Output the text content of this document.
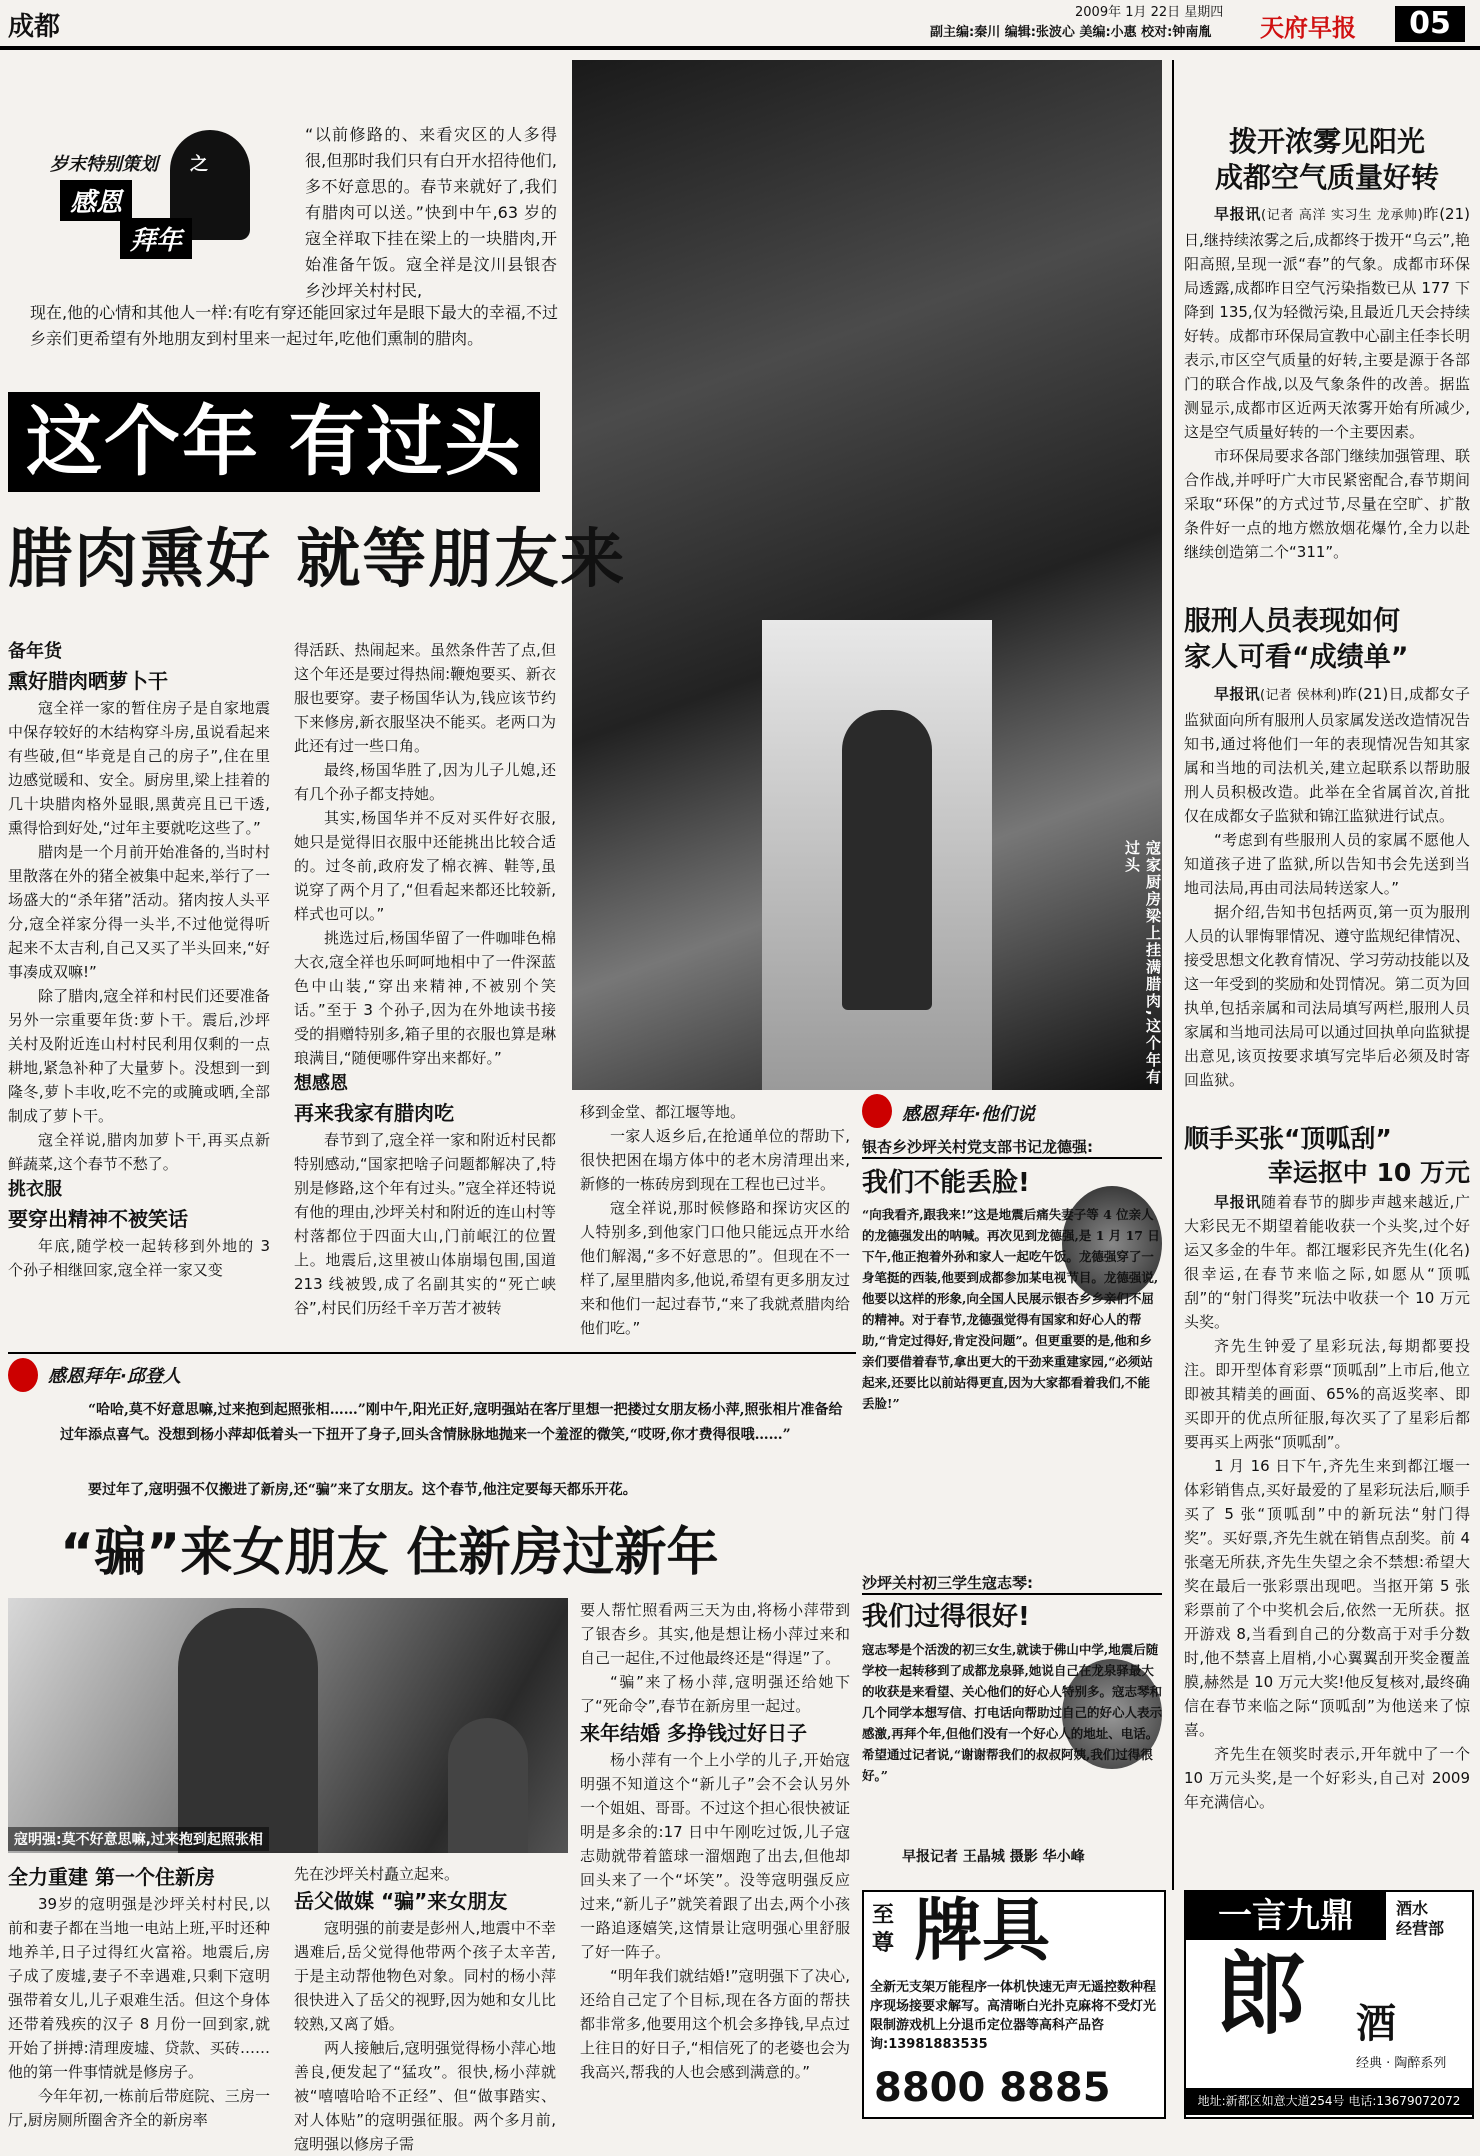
成都	2009年 1月 22日 星期四
副主编:秦川 编辑:张波心 美编:小惠 校对:钟南胤 天府早报	05
岁末特别策划 之
感恩
拜年
“以前修路的、来看灾区的人多得很,但那时我们只有白开水招待他们,多不好意思的。春节来就好了,我们有腊肉可以送。”快到中午,63 岁的寇全祥取下挂在梁上的一块腊肉,开始准备午饭。寇全祥是汶川县银杏乡沙坪关村村民,
现在,他的心情和其他人一样:有吃有穿还能回家过年是眼下最大的幸福,不过乡亲们更希望有外地朋友到村里来一起过年,吃他们熏制的腊肉。
寇家厨房梁上挂满腊肉,这个年有过头
这个年 有过头
腊肉熏好 就等朋友来
备年货
熏好腊肉晒萝卜干
寇全祥一家的暂住房子是自家地震中保存较好的木结构穿斗房,虽说看起来有些破,但“毕竟是自己的房子”,住在里边感觉暖和、安全。厨房里,梁上挂着的几十块腊肉格外显眼,黑黄亮且已干透,熏得恰到好处,“过年主要就吃这些了。”
腊肉是一个月前开始准备的,当时村里散落在外的猪全被集中起来,举行了一场盛大的“杀年猪”活动。猪肉按人头平分,寇全祥家分得一头半,不过他觉得听起来不太吉利,自己又买了半头回来,“好事凑成双嘛!”
除了腊肉,寇全祥和村民们还要准备另外一宗重要年货:萝卜干。震后,沙坪关村及附近连山村村民利用仅剩的一点耕地,紧急补种了大量萝卜。没想到一到隆冬,萝卜丰收,吃不完的或腌或晒,全部制成了萝卜干。
寇全祥说,腊肉加萝卜干,再买点新鲜蔬菜,这个春节不愁了。
挑衣服
要穿出精神不被笑话
年底,随学校一起转移到外地的 3 个孙子相继回家,寇全祥一家又变
得活跃、热闹起来。虽然条件苦了点,但这个年还是要过得热闹:鞭炮要买、新衣服也要穿。妻子杨国华认为,钱应该节约下来修房,新衣服坚决不能买。老两口为此还有过一些口角。
最终,杨国华胜了,因为儿子儿媳,还有几个孙子都支持她。
其实,杨国华并不反对买件好衣服,她只是觉得旧衣服中还能挑出比较合适的。过冬前,政府发了棉衣裤、鞋等,虽说穿了两个月了,“但看起来都还比较新,样式也可以。”
挑选过后,杨国华留了一件咖啡色棉大衣,寇全祥也乐呵呵地相中了一件深蓝色中山装,“穿出来精神,不被别个笑话。”至于 3 个孙子,因为在外地读书接受的捐赠特别多,箱子里的衣服也算是琳琅满目,“随便哪件穿出来都好。”
想感恩
再来我家有腊肉吃
春节到了,寇全祥一家和附近村民都特别感动,“国家把啥子问题都解决了,特别是修路,这个年有过头。”寇全祥还特说有他的理由,沙坪关村和附近的连山村等村落都位于四面大山,门前岷江的位置上。地震后,这里被山体崩塌包围,国道 213 线被毁,成了名副其实的“死亡峡谷”,村民们历经千辛万苦才被转
移到金堂、都江堰等地。
一家人返乡后,在抢通单位的帮助下,很快把困在塌方体中的老木房清理出来,新修的一栋砖房到现在工程也已过半。
寇全祥说,那时候修路和探访灾区的人特别多,到他家门口他只能远点开水给他们解渴,“多不好意思的”。但现在不一样了,屋里腊肉多,他说,希望有更多朋友过来和他们一起过春节,“来了我就煮腊肉给他们吃。”
感恩拜年·他们说
银杏乡沙坪关村党支部书记龙德强:
我们不能丢脸!
“向我看齐,跟我来!”这是地震后痛失妻子等 4 位亲人的龙德强发出的呐喊。再次见到龙德强,是 1 月 17 日下午,他正抱着外孙和家人一起吃午饭。龙德强穿了一身笔挺的西装,他要到成都参加某电视节目。龙德强说,他要以这样的形象,向全国人民展示银杏乡乡亲们不屈的精神。对于春节,龙德强觉得有国家和好心人的帮助,“肯定过得好,肯定没问题”。但更重要的是,他和乡亲们要借着春节,拿出更大的干劲来重建家园,“必须站起来,还要比以前站得更直,因为大家都看着我们,不能丢脸!”
沙坪关村初三学生寇志琴:
我们过得很好!
寇志琴是个活泼的初三女生,就读于佛山中学,地震后随学校一起转移到了成都龙泉驿,她说自己在龙泉驿最大的收获是来看望、关心他们的好心人特别多。寇志琴和几个同学本想写信、打电话向帮助过自己的好心人表示感激,再拜个年,但他们没有一个好心人的地址、电话。希望通过记者说,“谢谢帮我们的叔叔阿姨,我们过得很好。”
早报记者 王晶城 摄影 华小峰
感恩拜年·邱登人
“哈哈,莫不好意思嘛,过来抱到起照张相……”刚中午,阳光正好,寇明强站在客厅里想一把搂过女朋友杨小萍,照张相片准备给过年添点喜气。没想到杨小萍却低着头一下扭开了身子,回头含情脉脉地抛来一个羞涩的微笑,“哎呀,你才费得很哦……”
要过年了,寇明强不仅搬进了新房,还“骗”来了女朋友。这个春节,他注定要每天都乐开花。
“骗”来女朋友 住新房过新年
寇明强:莫不好意思嘛,过来抱到起照张相
全力重建 第一个住新房
39岁的寇明强是沙坪关村村民,以前和妻子都在当地一电站上班,平时还种地养羊,日子过得红火富裕。地震后,房子成了废墟,妻子不幸遇难,只剩下寇明强带着女儿,儿子艰难生活。但这个身体还带着残疾的汉子 8 月份一回到家,就开始了拼搏:清理废墟、贷款、买砖……他的第一件事情就是修房子。
今年年初,一栋前后带庭院、三房一厅,厨房厕所圈舍齐全的新房率
先在沙坪关村矗立起来。
岳父做媒 “骗”来女朋友
寇明强的前妻是彭州人,地震中不幸遇难后,岳父觉得他带两个孩子太辛苦,于是主动帮他物色对象。同村的杨小萍很快进入了岳父的视野,因为她和女儿比较熟,又离了婚。
两人接触后,寇明强觉得杨小萍心地善良,便发起了“猛攻”。很快,杨小萍就被“嘻嘻哈哈不正经”、但“做事踏实、对人体贴”的寇明强征服。两个多月前,寇明强以修房子需
要人帮忙照看两三天为由,将杨小萍带到了银杏乡。其实,他是想让杨小萍过来和自己一起住,不过他最终还是“得逞”了。
“骗”来了杨小萍,寇明强还给她下了“死命令”,春节在新房里一起过。
来年结婚 多挣钱过好日子
杨小萍有一个上小学的儿子,开始寇明强不知道这个“新儿子”会不会认另外一个姐姐、哥哥。不过这个担心很快被证明是多余的:17 日中午刚吃过饭,儿子寇志勋就带着篮球一溜烟跑了出去,但他却回头来了一个“坏笑”。没等寇明强反应过来,“新儿子”就笑着跟了出去,两个小孩一路追逐嬉笑,这情景让寇明强心里舒服了好一阵子。
“明年我们就结婚!”寇明强下了决心,还给自己定了个目标,现在各方面的帮扶都非常多,他要用这个机会多挣钱,早点过上往日的好日子,“相信死了的老婆也会为我高兴,帮我的人也会感到满意的。”
拨开浓雾见阳光
成都空气质量好转
早报讯(记者 高洋 实习生 龙承帅)昨(21)日,继持续浓雾之后,成都终于拨开“乌云”,艳阳高照,呈现一派“春”的气象。成都市环保局透露,成都昨日空气污染指数已从 177 下降到 135,仅为轻微污染,且最近几天会持续好转。成都市环保局宣教中心副主任李长明表示,市区空气质量的好转,主要是源于各部门的联合作战,以及气象条件的改善。据监测显示,成都市区近两天浓雾开始有所减少,这是空气质量好转的一个主要因素。
市环保局要求各部门继续加强管理、联合作战,并呼吁广大市民紧密配合,春节期间采取“环保”的方式过节,尽量在空旷、扩散条件好一点的地方燃放烟花爆竹,全力以赴继续创造第二个“311”。
服刑人员表现如何
家人可看“成绩单”
早报讯(记者 侯林利)昨(21)日,成都女子监狱面向所有服刑人员家属发送改造情况告知书,通过将他们一年的表现情况告知其家属和当地的司法机关,建立起联系以帮助服刑人员积极改造。此举在全省属首次,首批仅在成都女子监狱和锦江监狱进行试点。
“考虑到有些服刑人员的家属不愿他人知道孩子进了监狱,所以告知书会先送到当地司法局,再由司法局转送家人。”
据介绍,告知书包括两页,第一页为服刑人员的认罪悔罪情况、遵守监规纪律情况、接受思想文化教育情况、学习劳动技能以及这一年受到的奖励和处罚情况。第二页为回执单,包括亲属和司法局填写两栏,服刑人员家属和当地司法局可以通过回执单向监狱提出意见,该页按要求填写完毕后必须及时寄回监狱。
顺手买张“顶呱刮”
幸运抠中 10 万元
早报讯随着春节的脚步声越来越近,广大彩民无不期望着能收获一个头奖,过个好运又多金的牛年。都江堰彩民齐先生(化名)很幸运,在春节来临之际,如愿从“顶呱刮”的“射门得奖”玩法中收获一个 10 万元头奖。
齐先生钟爱了星彩玩法,每期都要投注。即开型体育彩票“顶呱刮”上市后,他立即被其精美的画面、65%的高返奖率、即买即开的优点所征服,每次买了了星彩后都要再买上两张“顶呱刮”。
1 月 16 日下午,齐先生来到都江堰一体彩销售点,买好最爱的了星彩玩法后,顺手买了 5 张“顶呱刮”中的新玩法“射门得奖”。买好票,齐先生就在销售点刮奖。前 4 张毫无所获,齐先生失望之余不禁想:希望大奖在最后一张彩票出现吧。当抠开第 5 张彩票前了个中奖机会后,依然一无所获。抠开游戏 8,当看到自己的分数高于对手分数时,他不禁喜上眉梢,小心翼翼刮开奖金覆盖膜,赫然是 10 万元大奖!他反复核对,最终确信在春节来临之际“顶呱刮”为他送来了惊喜。
齐先生在领奖时表示,开年就中了一个 10 万元头奖,是一个好彩头,自己对 2009 年充满信心。
至尊 牌具
全新无支架万能程序一体机快速无声无遥控数种程序现场接要求解写。高清晰白光扑克麻将不受灯光限制游戏机上分退币定位器等高科产品咨询:13981883535
8800 8885
一言九鼎	酒水
经营部
郎 酒
经典 · 陶醉系列
地址:新都区如意大道254号 电话:13679072072
